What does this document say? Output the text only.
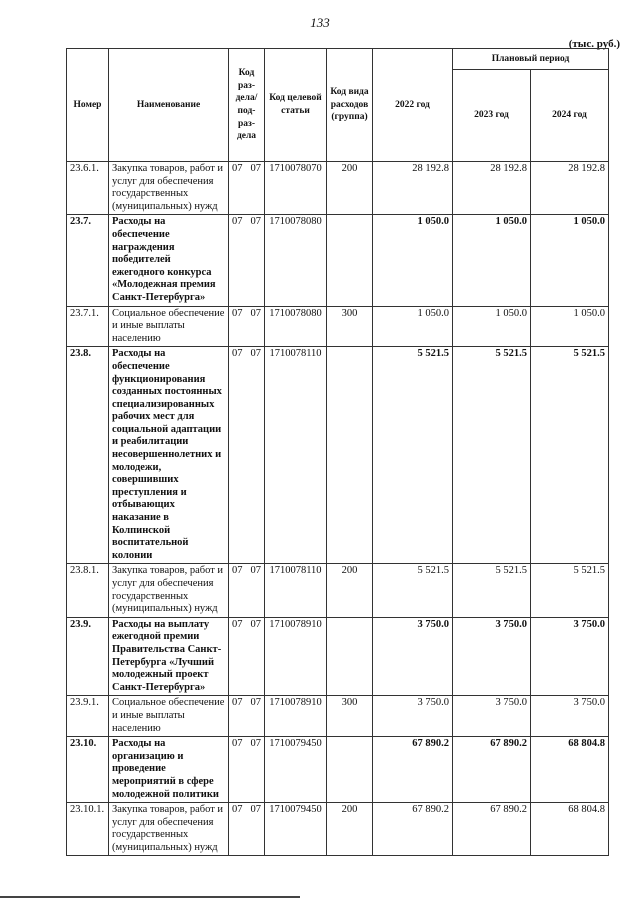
133
(тыс. руб.)
Номер	Наименование	Код раз-дела/ под-раз-дела	Код целевой статьи	Код вида расходов (группа)	2022 год	Плановый период	
						2023 год	2024 год
23.6.1.	Закупка товаров, работ и услуг для обеспечения государственных (муниципальных) нужд	07 07	1710078070	200	28 192.8	28 192.8	28 192.8
23.7.	Расходы на обеспечение награждения победителей ежегодного конкурса «Молодежная премия Санкт-Петербурга»	07 07	1710078080		1 050.0	1 050.0	1 050.0
23.7.1.	Социальное обеспечение и иные выплаты населению	07 07	1710078080	300	1 050.0	1 050.0	1 050.0
23.8.	Расходы на обеспечение функционирования созданных постоянных специализированных рабочих мест для социальной адаптации и реабилитации несовершеннолетних и молодежи, совершивших преступления и отбывающих наказание в Колпинской воспитательной колонии	07 07	1710078110		5 521.5	5 521.5	5 521.5
23.8.1.	Закупка товаров, работ и услуг для обеспечения государственных (муниципальных) нужд	07 07	1710078110	200	5 521.5	5 521.5	5 521.5
23.9.	Расходы на выплату ежегодной премии Правительства Санкт-Петербурга «Лучший молодежный проект Санкт-Петербурга»	07 07	1710078910		3 750.0	3 750.0	3 750.0
23.9.1.	Социальное обеспечение и иные выплаты населению	07 07	1710078910	300	3 750.0	3 750.0	3 750.0
23.10.	Расходы на организацию и проведение мероприятий в сфере молодежной политики	07 07	1710079450		67 890.2	67 890.2	68 804.8
23.10.1.	Закупка товаров, работ и услуг для обеспечения государственных (муниципальных) нужд	07 07	1710079450	200	67 890.2	67 890.2	68 804.8
